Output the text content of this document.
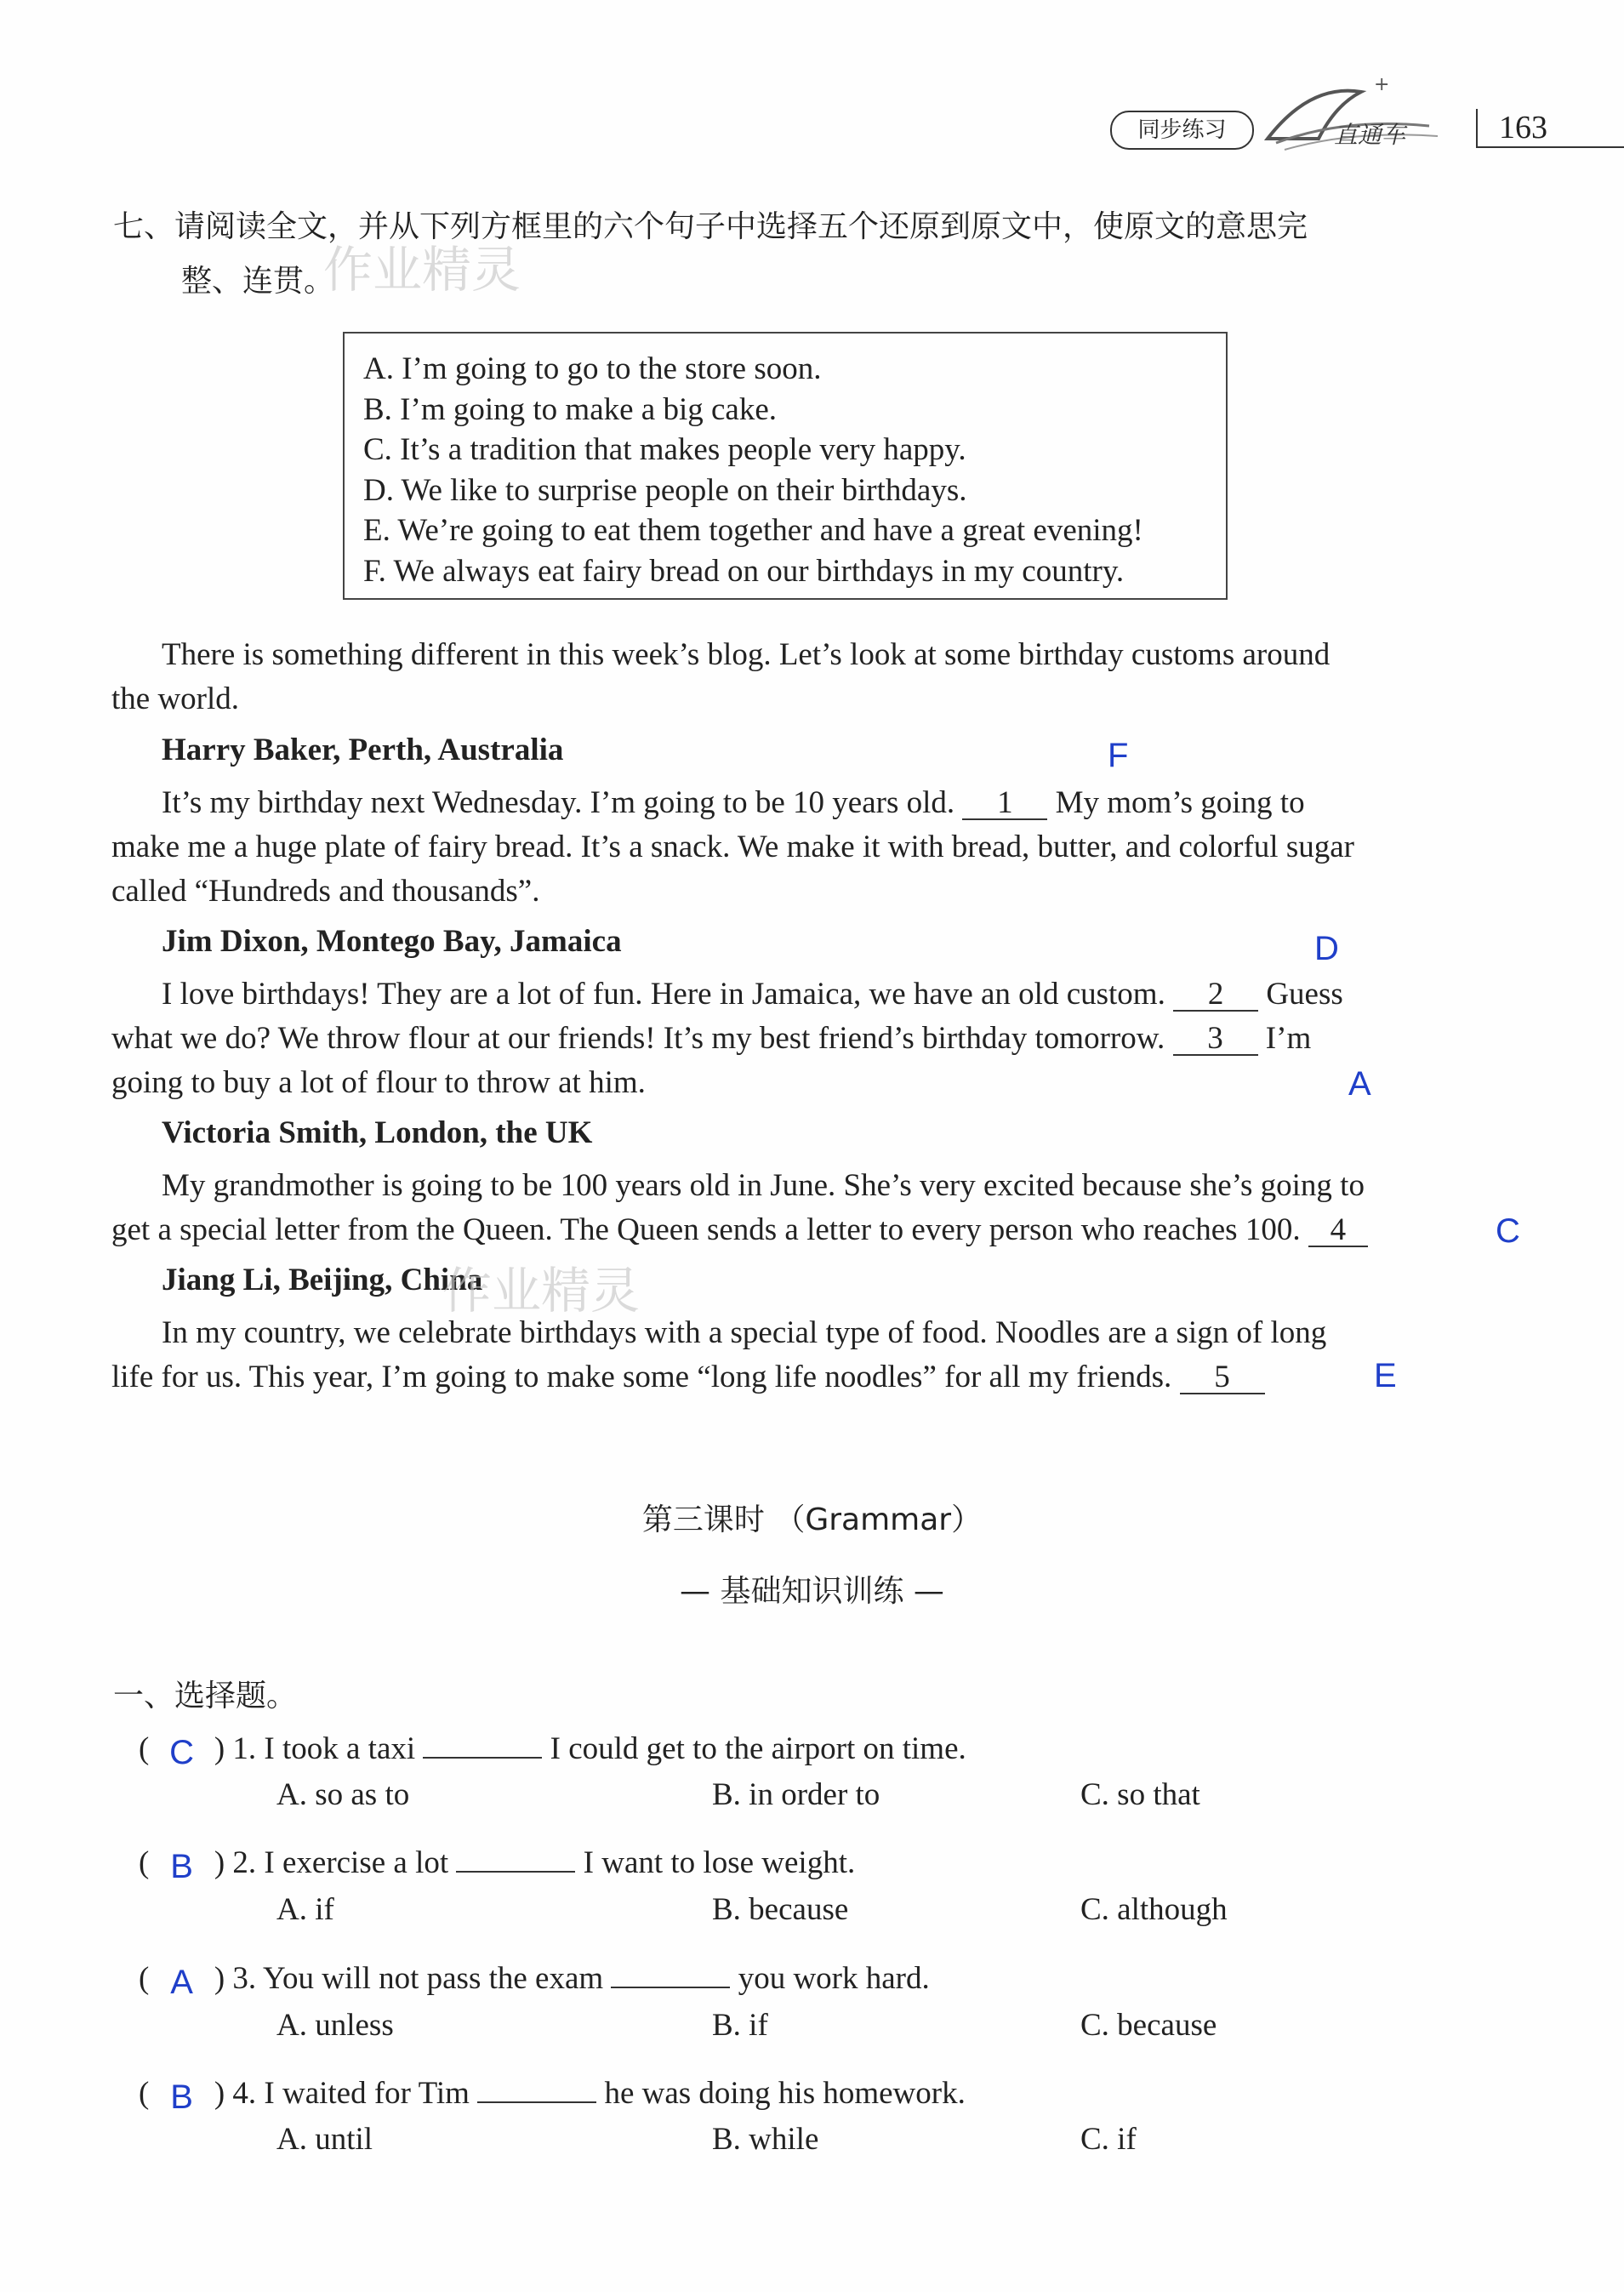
同步练习
+
直通车	163
七、请阅读全文，并从下列方框里的六个句子中选择五个还原到原文中，使原文的意思完
整、连贯。
作业精灵
A. I’m going to go to the store soon.
B. I’m going to make a big cake.
C. It’s a tradition that makes people very happy.
D. We like to surprise people on their birthdays.
E. We’re going to eat them together and have a great evening!
F. We always eat fairy bread on our birthdays in my country.
There is something different in this week’s blog. Let’s look at some birthday customs around
the world.
Harry Baker, Perth, Australia	F
It’s my birthday next Wednesday. I’m going to be 10 years old. 1 My mom’s going to
make me a huge plate of fairy bread. It’s a snack. We make it with bread, butter, and colorful sugar
called “Hundreds and thousands”.
Jim Dixon, Montego Bay, Jamaica	D
I love birthdays! They are a lot of fun. Here in Jamaica, we have an old custom. 2 Guess
what we do? We throw flour at our friends! It’s my best friend’s birthday tomorrow. 3 I’m
going to buy a lot of flour to throw at him.	A
Victoria Smith, London, the UK
My grandmother is going to be 100 years old in June. She’s very excited because she’s going to
get a special letter from the Queen. The Queen sends a letter to every person who reaches 100. 4	C
Jiang Li, Beijing, China
作业精灵
In my country, we celebrate birthdays with a special type of food. Noodles are a sign of long
life for us. This year, I’m going to make some “long life noodles” for all my friends. 5	E
第三课时 （Grammar）
— 基础知识训练 —
一、选择题。
( C ) 1. I took a taxi	I could get to the airport on time.
A. so as to	B. in order to	C. so that
( B ) 2. I exercise a lot	I want to lose weight.
A. if	B. because	C. although
( A ) 3. You will not pass the exam	you work hard.
A. unless	B. if	C. because
( B ) 4. I waited for Tim	he was doing his homework.
A. until	B. while	C. if
